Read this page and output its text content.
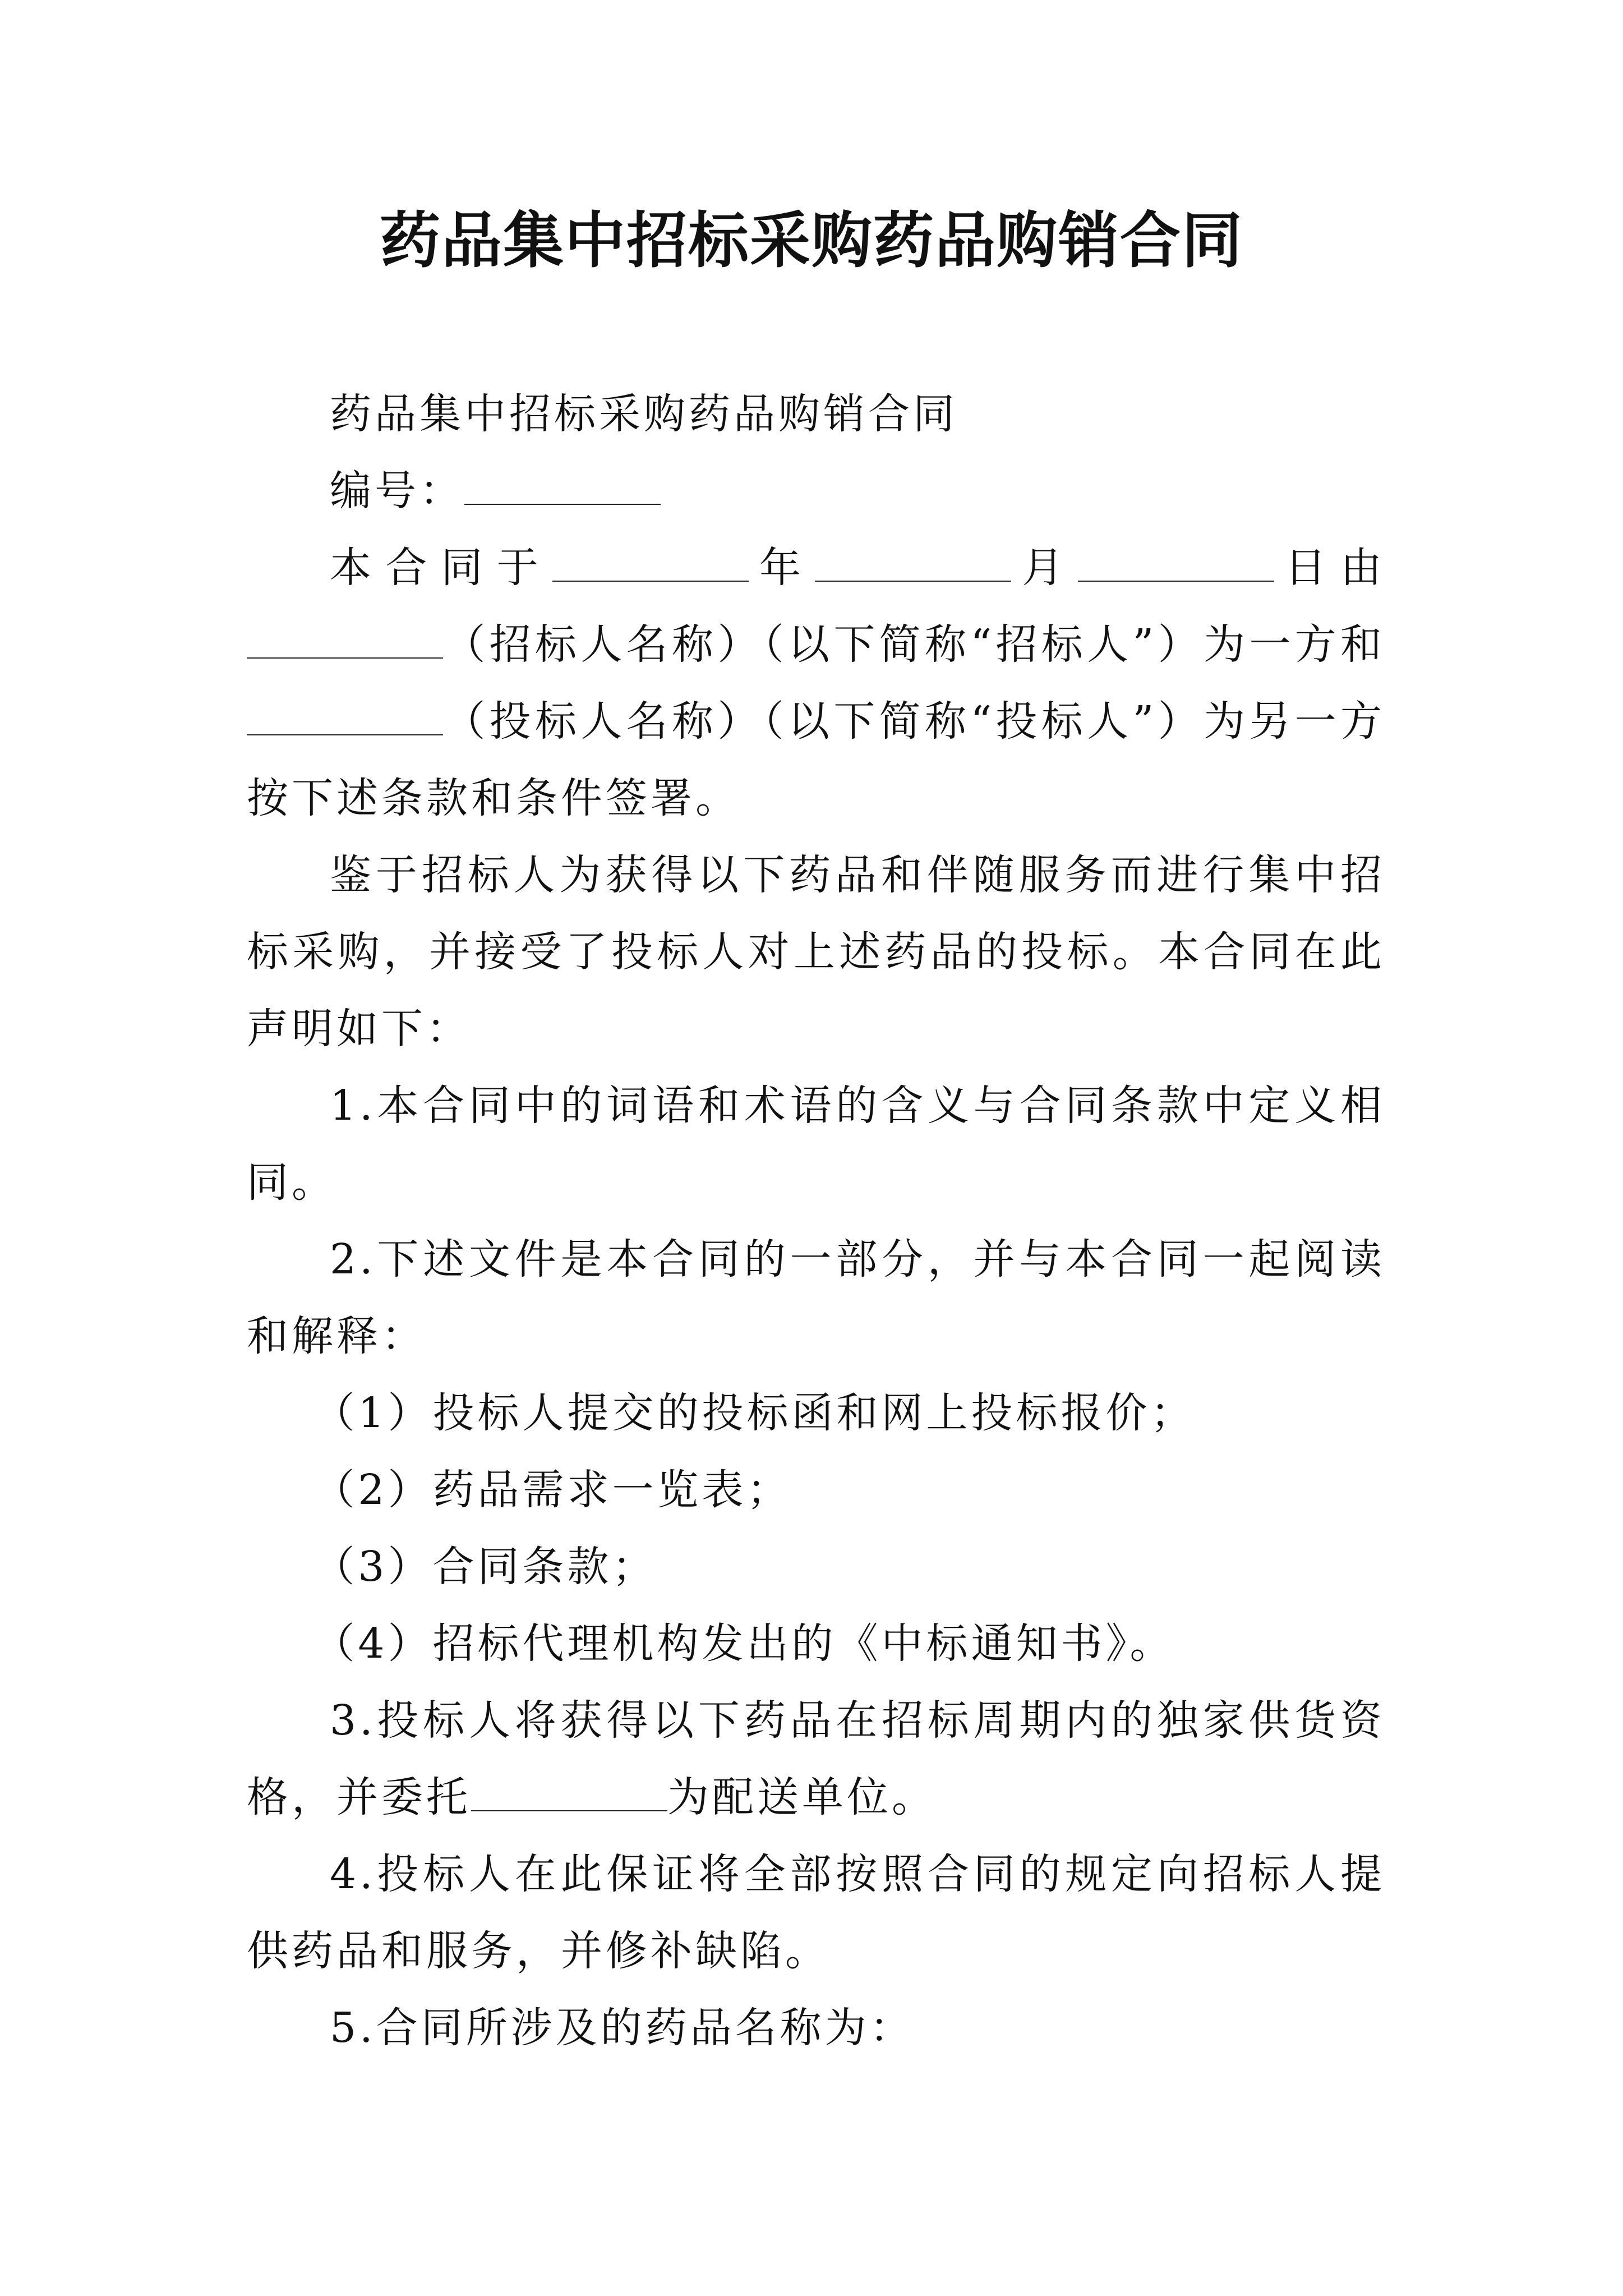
药品集中招标采购药品购销合同

药品集中招标采购药品购销合同

编号：

本合同于	年	月	日由（招标人名称）（以下简称“招标人”）为一方和（投标人名称）（以下简称“投标人”）为另一方按下述条款和条件签署。

鉴于招标人为获得以下药品和伴随服务而进行集中招标采购，并接受了投标人对上述药品的投标。本合同在此声明如下：

1.本合同中的词语和术语的含义与合同条款中定义相同。

2.下述文件是本合同的一部分，并与本合同一起阅读和解释：

（1）投标人提交的投标函和网上投标报价；

（2）药品需求一览表；

（3）合同条款；

（4）招标代理机构发出的《中标通知书》。

3.投标人将获得以下药品在招标周期内的独家供货资格，并委托	为配送单位。

4.投标人在此保证将全部按照合同的规定向招标人提供药品和服务，并修补缺陷。

5.合同所涉及的药品名称为：
